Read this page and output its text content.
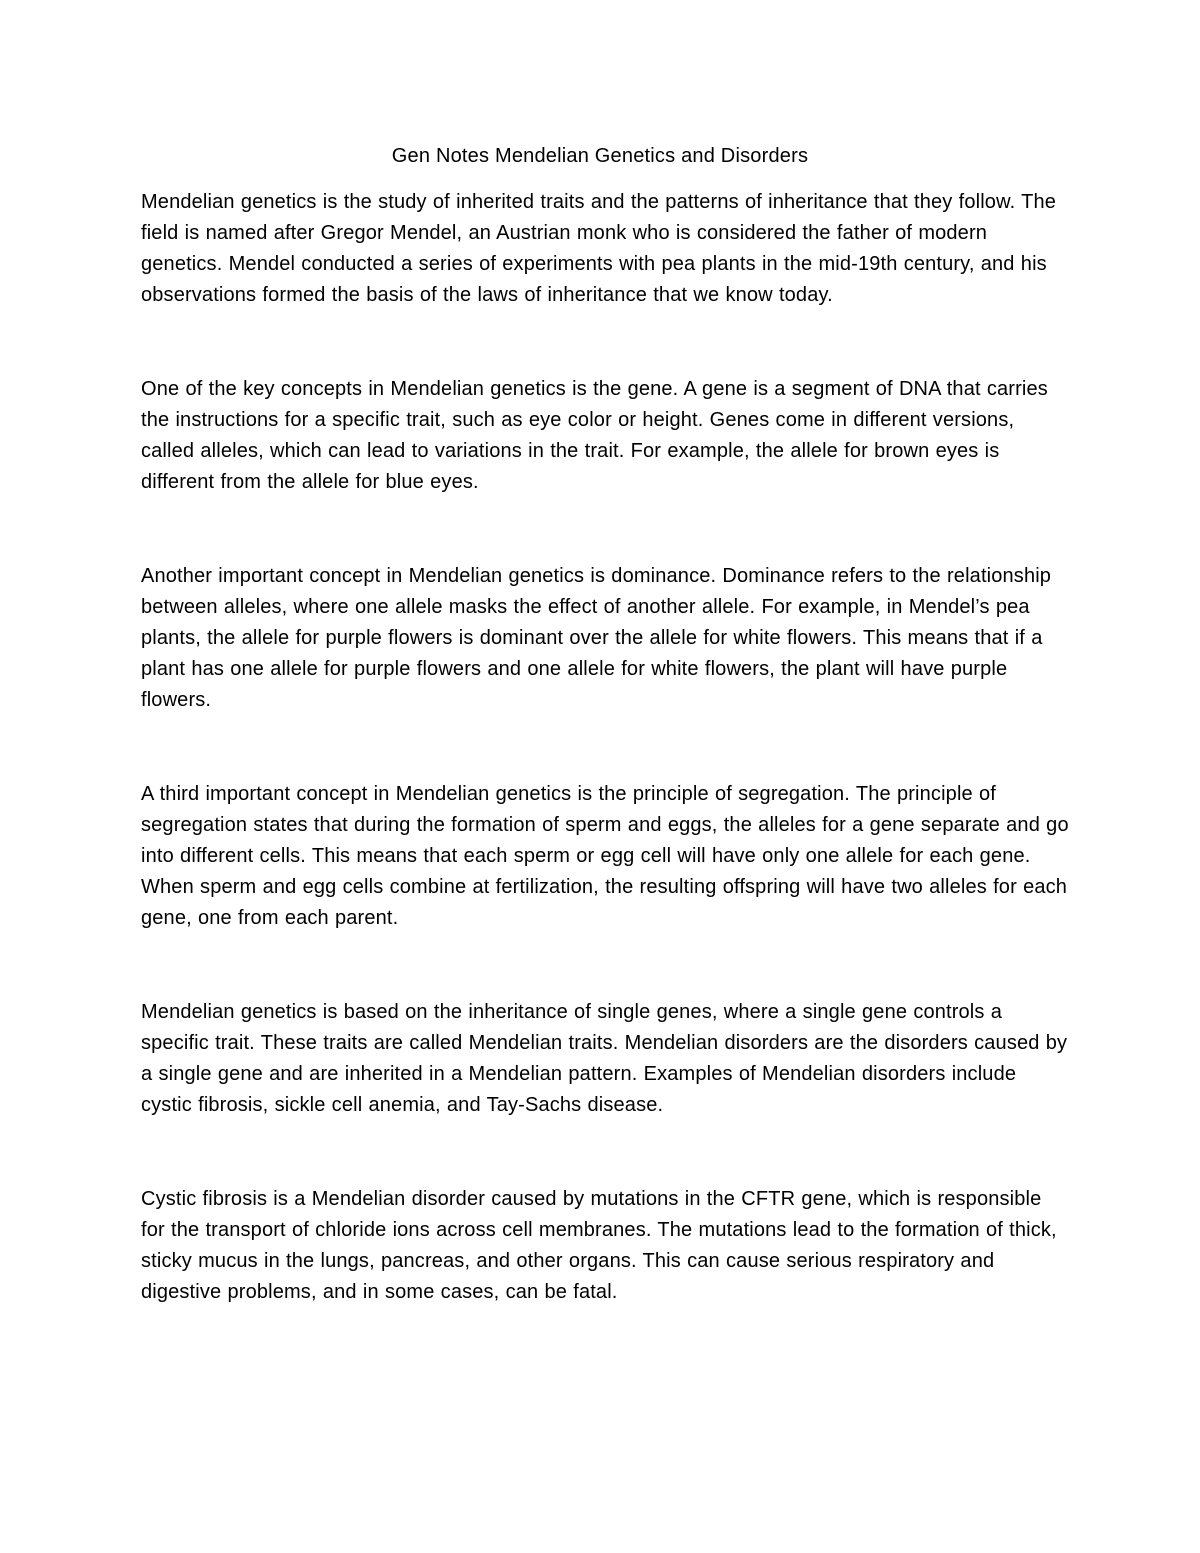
Gen Notes Mendelian Genetics and Disorders

Mendelian genetics is the study of inherited traits and the patterns of inheritance that they follow. The field is named after Gregor Mendel, an Austrian monk who is considered the father of modern genetics. Mendel conducted a series of experiments with pea plants in the mid-19th century, and his observations formed the basis of the laws of inheritance that we know today.

One of the key concepts in Mendelian genetics is the gene. A gene is a segment of DNA that carries the instructions for a specific trait, such as eye color or height. Genes come in different versions, called alleles, which can lead to variations in the trait. For example, the allele for brown eyes is different from the allele for blue eyes.

Another important concept in Mendelian genetics is dominance. Dominance refers to the relationship between alleles, where one allele masks the effect of another allele. For example, in Mendel’s pea plants, the allele for purple flowers is dominant over the allele for white flowers. This means that if a plant has one allele for purple flowers and one allele for white flowers, the plant will have purple flowers.

A third important concept in Mendelian genetics is the principle of segregation. The principle of segregation states that during the formation of sperm and eggs, the alleles for a gene separate and go into different cells. This means that each sperm or egg cell will have only one allele for each gene. When sperm and egg cells combine at fertilization, the resulting offspring will have two alleles for each gene, one from each parent.

Mendelian genetics is based on the inheritance of single genes, where a single gene controls a specific trait. These traits are called Mendelian traits. Mendelian disorders are the disorders caused by a single gene and are inherited in a Mendelian pattern. Examples of Mendelian disorders include cystic fibrosis, sickle cell anemia, and Tay-Sachs disease.

Cystic fibrosis is a Mendelian disorder caused by mutations in the CFTR gene, which is responsible for the transport of chloride ions across cell membranes. The mutations lead to the formation of thick, sticky mucus in the lungs, pancreas, and other organs. This can cause serious respiratory and digestive problems, and in some cases, can be fatal.
